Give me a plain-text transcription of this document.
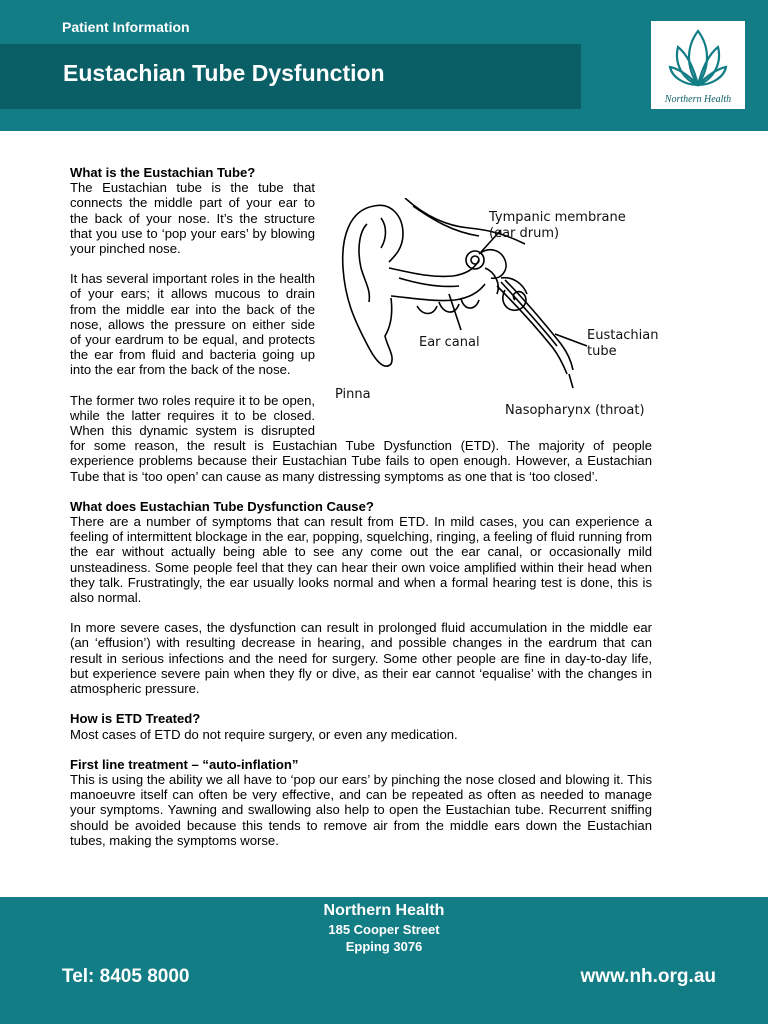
Patient Information
Eustachian Tube Dysfunction
Northern Health
What is the Eustachian Tube?
Tympanic membrane
(ear drum)
Ear canal	Eustachian
tube
Pinna
Nasopharynx (throat)

The Eustachian tube is the tube that connects the middle part of your ear to the back of your nose. It’s the structure that you use to ‘pop your ears’ by blowing your pinched nose.

It has several important roles in the health of your ears; it allows mucous to drain from the middle ear into the back of the nose, allows the pressure on either side of your eardrum to be equal, and protects the ear from fluid and bacteria going up into the ear from the back of the nose.

The former two roles require it to be open, while the latter requires it to be closed. When this dynamic system is disrupted for some reason, the result is Eustachian Tube Dysfunction (ETD). The majority of people experience problems because their Eustachian Tube fails to open enough. However, a Eustachian Tube that is ‘too open’ can cause as many distressing symptoms as one that is ‘too closed’.

What does Eustachian Tube Dysfunction Cause?

There are a number of symptoms that can result from ETD. In mild cases, you can experience a feeling of intermittent blockage in the ear, popping, squelching, ringing, a feeling of fluid running from the ear without actually being able to see any come out the ear canal, or occasionally mild unsteadiness. Some people feel that they can hear their own voice amplified within their head when they talk. Frustratingly, the ear usually looks normal and when a formal hearing test is done, this is also normal.

In more severe cases, the dysfunction can result in prolonged fluid accumulation in the middle ear (an ‘effusion’) with resulting decrease in hearing, and possible changes in the eardrum that can result in serious infections and the need for surgery. Some other people are fine in day-to-day life, but experience severe pain when they fly or dive, as their ear cannot ‘equalise’ with the changes in atmospheric pressure.

How is ETD Treated?

Most cases of ETD do not require surgery, or even any medication.

First line treatment – “auto-inflation”

This is using the ability we all have to ‘pop our ears’ by pinching the nose closed and blowing it. This manoeuvre itself can often be very effective, and can be repeated as often as needed to manage your symptoms. Yawning and swallowing also help to open the Eustachian tube. Recurrent sniffing should be avoided because this tends to remove air from the middle ears down the Eustachian tubes, making the symptoms worse.

Northern Health
185 Cooper Street
Epping 3076
Tel: 8405 8000	www.nh.org.au
